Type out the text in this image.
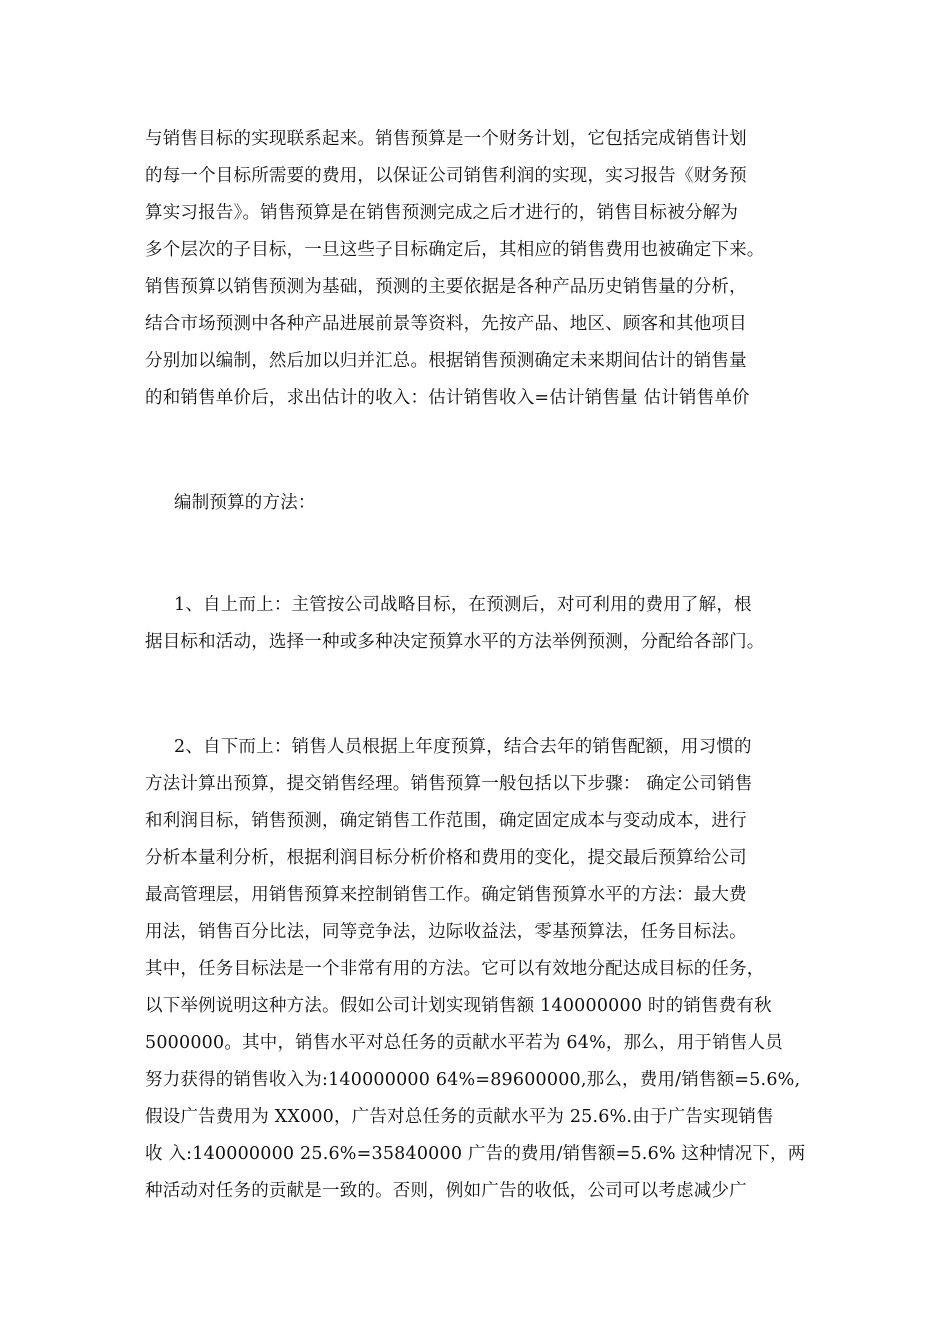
与销售目标的实现联系起来。销售预算是一个财务计划，它包括完成销售计划
的每一个目标所需要的费用，以保证公司销售利润的实现，实习报告《财务预
算实习报告》。销售预算是在销售预测完成之后才进行的，销售目标被分解为
多个层次的子目标，一旦这些子目标确定后，其相应的销售费用也被确定下来。
销售预算以销售预测为基础，预测的主要依据是各种产品历史销售量的分析，
结合市场预测中各种产品进展前景等资料，先按产品、地区、顾客和其他项目
分别加以编制，然后加以归并汇总。根据销售预测确定未来期间估计的销售量
的和销售单价后，求出估计的收入：估计销售收入=估计销售量 估计销售单价
编制预算的方法：
1、自上而上：主管按公司战略目标，在预测后，对可利用的费用了解，根
据目标和活动，选择一种或多种决定预算水平的方法举例预测，分配给各部门。
2、自下而上：销售人员根据上年度预算，结合去年的销售配额，用习惯的
方法计算出预算，提交销售经理。销售预算一般包括以下步骤： 确定公司销售
和利润目标，销售预测，确定销售工作范围，确定固定成本与变动成本，进行
分析本量利分析，根据利润目标分析价格和费用的变化，提交最后预算给公司
最高管理层，用销售预算来控制销售工作。确定销售预算水平的方法：最大费
用法，销售百分比法，同等竞争法，边际收益法，零基预算法，任务目标法。
其中，任务目标法是一个非常有用的方法。它可以有效地分配达成目标的任务，
以下举例说明这种方法。假如公司计划实现销售额 140000000 时的销售费有秋
5000000。其中，销售水平对总任务的贡献水平若为 64%，那么，用于销售人员
努力获得的销售收入为:140000000 64%=89600000,那么，费用/销售额=5.6%,
假设广告费用为 XX000，广告对总任务的贡献水平为 25.6%.由于广告实现销售
收 入:140000000 25.6%=35840000 广告的费用/销售额=5.6% 这种情况下，两
种活动对任务的贡献是一致的。否则，例如广告的收低，公司可以考虑减少广
